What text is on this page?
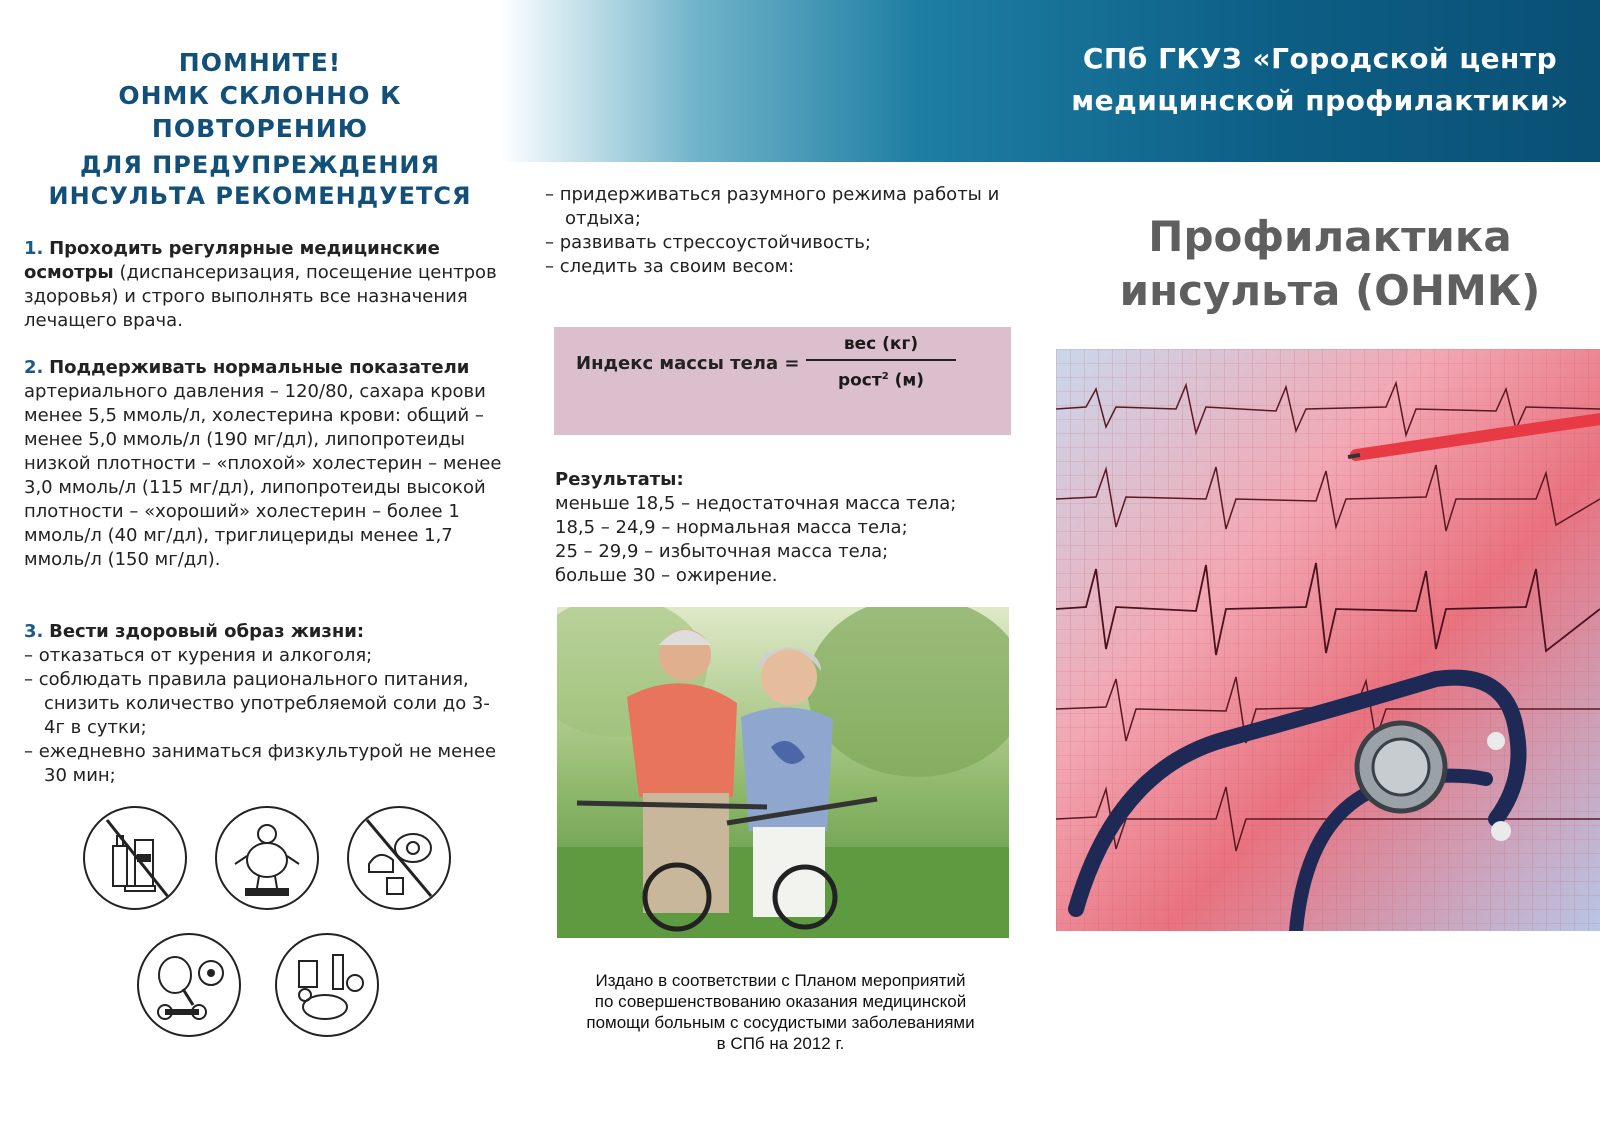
СПб ГКУЗ «Городской центр
медицинской профилактики»
ПОМНИТЕ!
ОНМК СКЛОННО К ПОВТОРЕНИЮ
ДЛЯ ПРЕДУПРЕЖДЕНИЯ
ИНСУЛЬТА РЕКОМЕНДУЕТСЯ
1. Проходить регулярные медицинские осмотры (диспансеризация, посещение центров здоровья) и строго выполнять все назначения лечащего врача.
2. Поддерживать нормальные показатели артериального давления – 120/80, сахара крови менее 5,5 ммоль/л, холестерина крови: общий – менее 5,0 ммоль/л (190 мг/дл), липопротеиды низкой плотности – «плохой» холестерин – менее 3,0 ммоль/л (115 мг/дл), липопротеиды высокой плотности – «хороший» холестерин – более 1 ммоль/л (40 мг/дл), триглицериды менее 1,7 ммоль/л (150 мг/дл).
3. Вести здоровый образ жизни:
– отказаться от курения и алкоголя;
– соблюдать правила рационального питания, снизить количество употребляемой соли до 3-4г в сутки;
– ежедневно заниматься физкультурой не менее 30 мин;
– придерживаться разумного режима работы и отдыха;
– развивать стрессоустойчивость;
– следить за своим весом:
Индекс массы тела =
вес (кг)
рост$^2$ (м)
Результаты:
меньше 18,5 – недостаточная масса тела;
18,5 – 24,9 – нормальная масса тела;
25 – 29,9 – избыточная масса тела;
больше 30 – ожирение.
Издано в соответствии с Планом мероприятий
по совершенствованию оказания медицинской
помощи больным с сосудистыми заболеваниями
в СПб на 2012 г.
Профилактика
инсульта (ОНМК)
